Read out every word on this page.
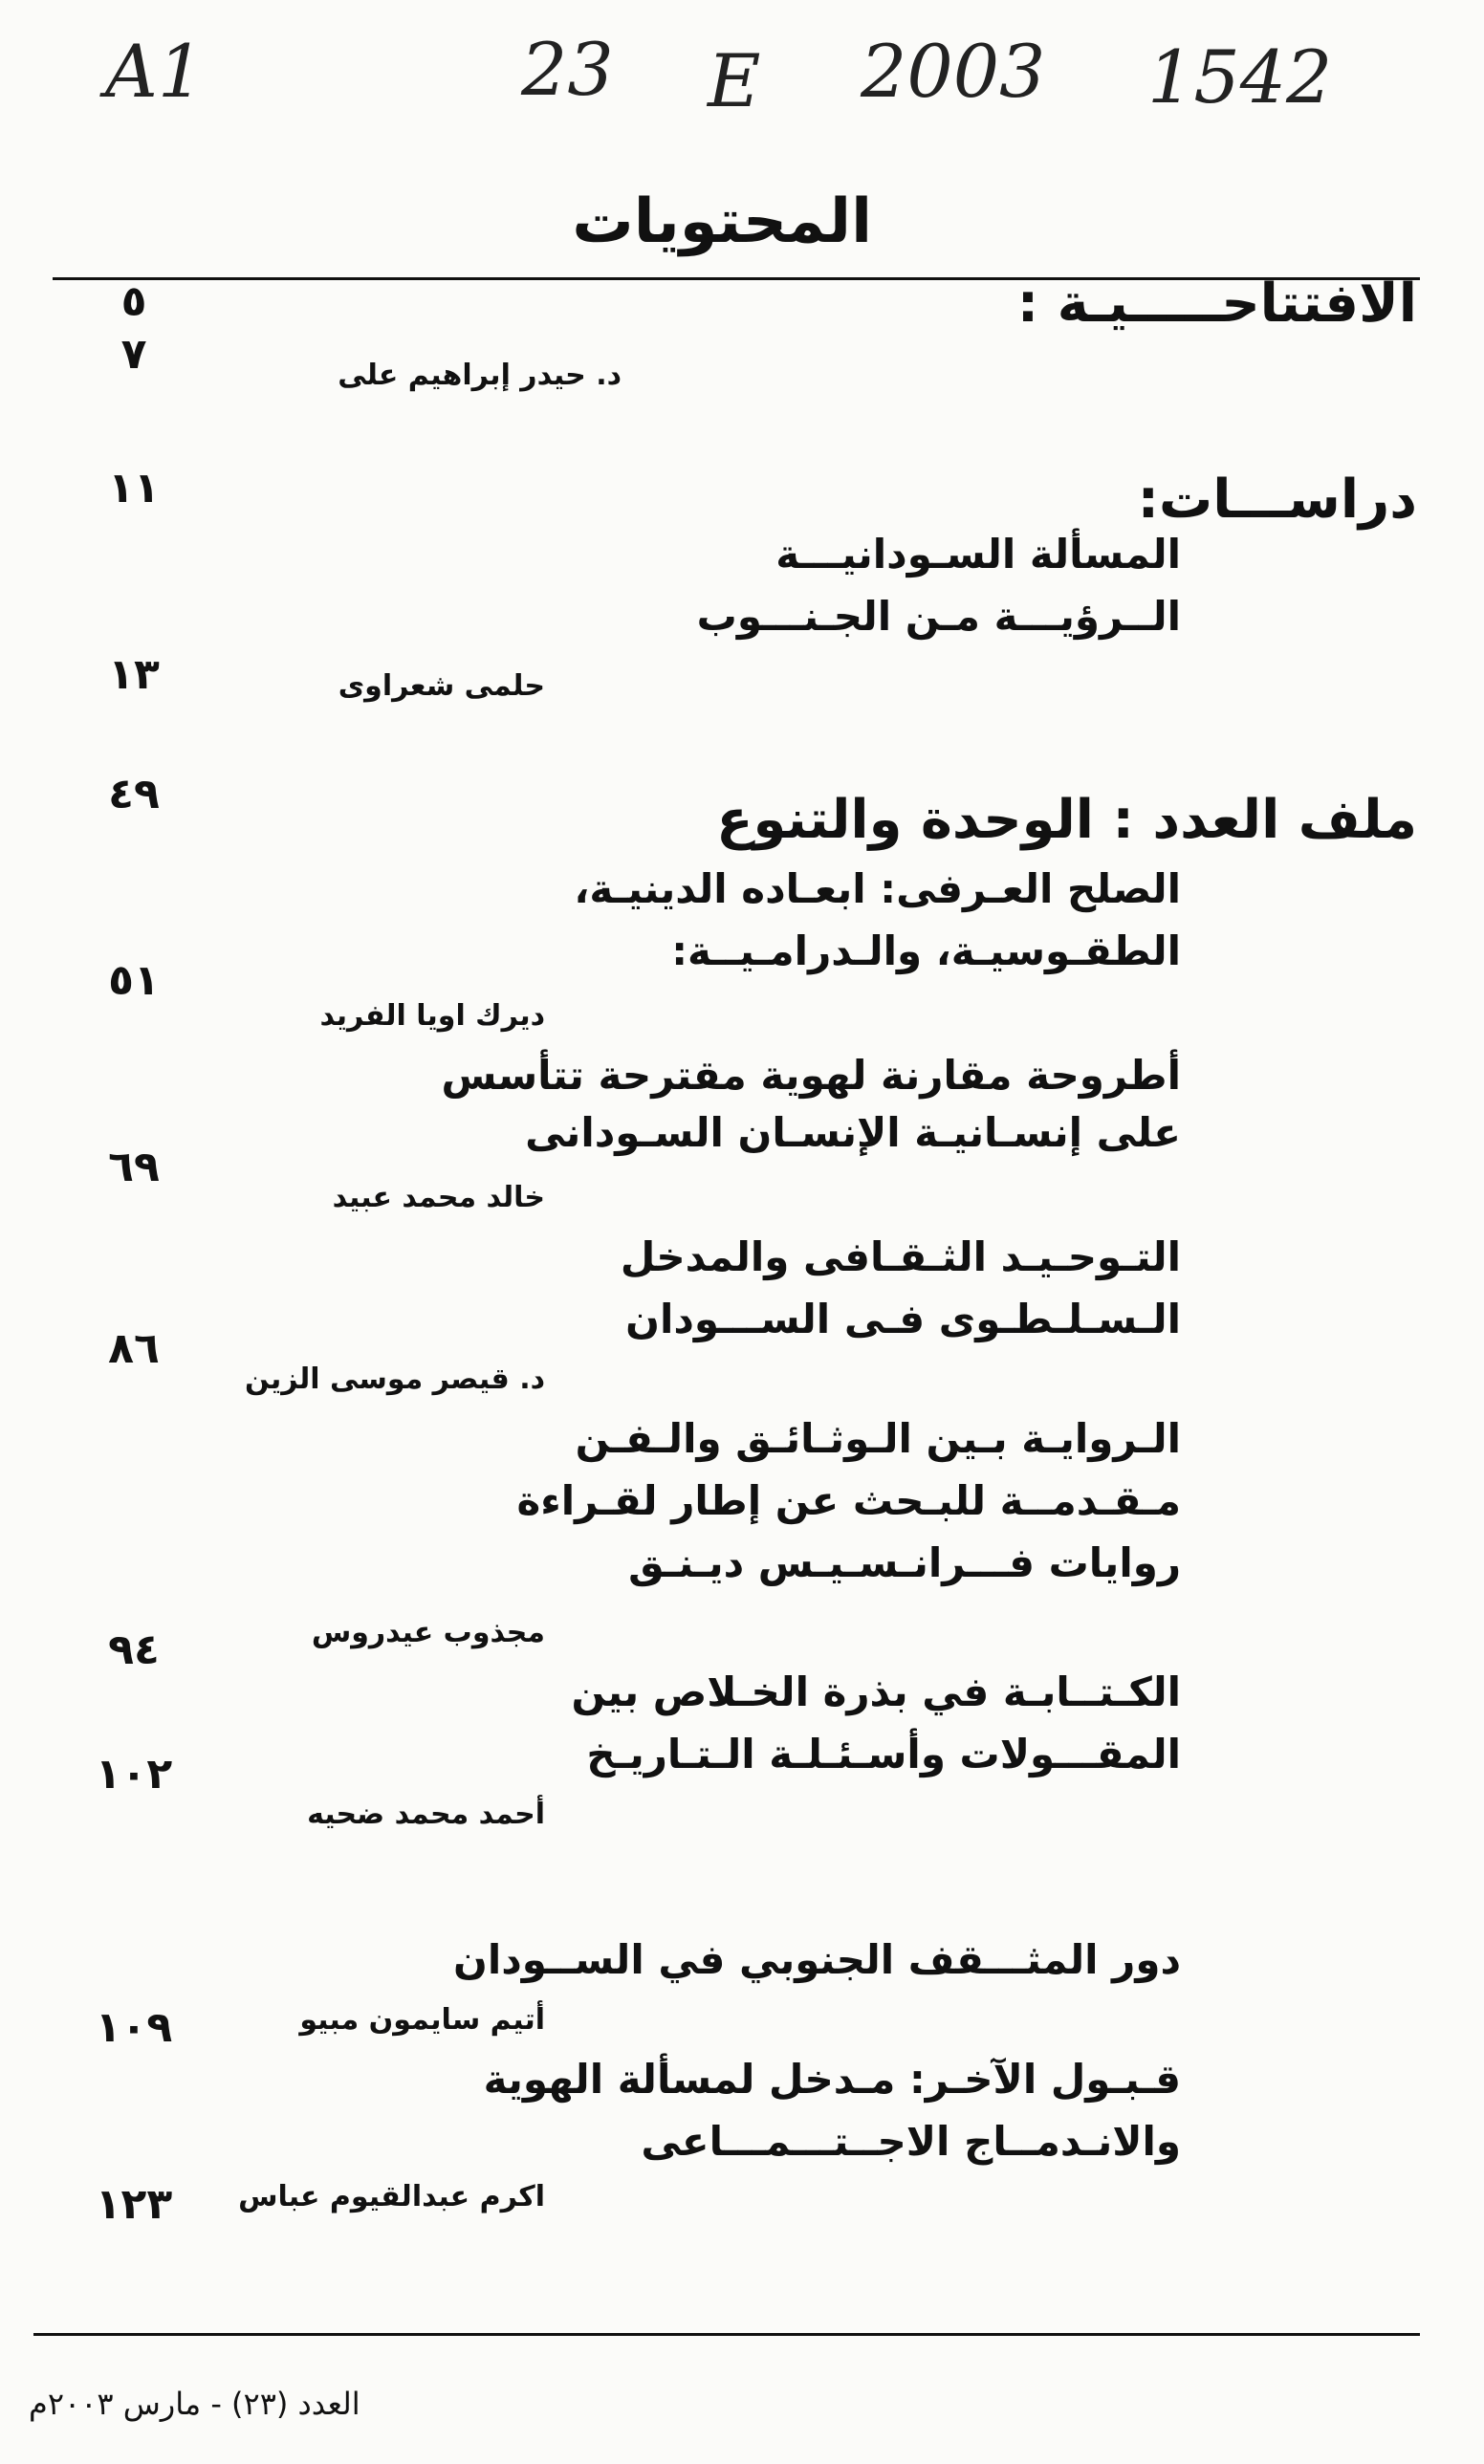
A1	23 E 2003 1542
المحتويات
الافتتاحـــــيـة :
٥
د. حيدر إبراهيم على
٧
دراســـات:
١١
المسألة السـودانيـــة
الــرؤيـــة مـن الجـنـــوب
حلمى شعراوى
١٣
ملف العدد : الوحدة والتنوع
٤٩
الصلح العـرفى: ابعـاده الدينيـة،
الطقـوسيـة، والـدرامـيــة:
ديرك اويا الفريد
٥١
أطروحة مقارنة لهوية مقترحة تتأسس
على إنسـانيـة الإنسـان السـودانى
خالد محمد عبيد
٦٩
التـوحـيـد الثـقـافى والمدخل
الـسـلـطـوى فـى الســـودان
د. قيصر موسى الزين
٨٦
الـروايـة بـين الـوثـائـق والـفـن
مـقـدمــة للبـحث عن إطار لقـراءة
روايات فـــرانـسـيـس ديـنـق
مجذوب عيدروس
٩٤
الكـتــابـة في بذرة الخـلاص بين
المقـــولات وأسـئـلـة الـتـاريـخ
أحمد محمد ضحيه
١٠٢
دور المثـــقف الجنوبي في الســودان
أتيم سايمون مبيو
١٠٩
قـبـول الآخـر: مـدخل لمسألة الهوية
والانـدمــاج الاجــتـــمـــاعى
اكرم عبدالقيوم عباس
١٢٣
العدد (٢٣) - مارس ٢٠٠٣م
